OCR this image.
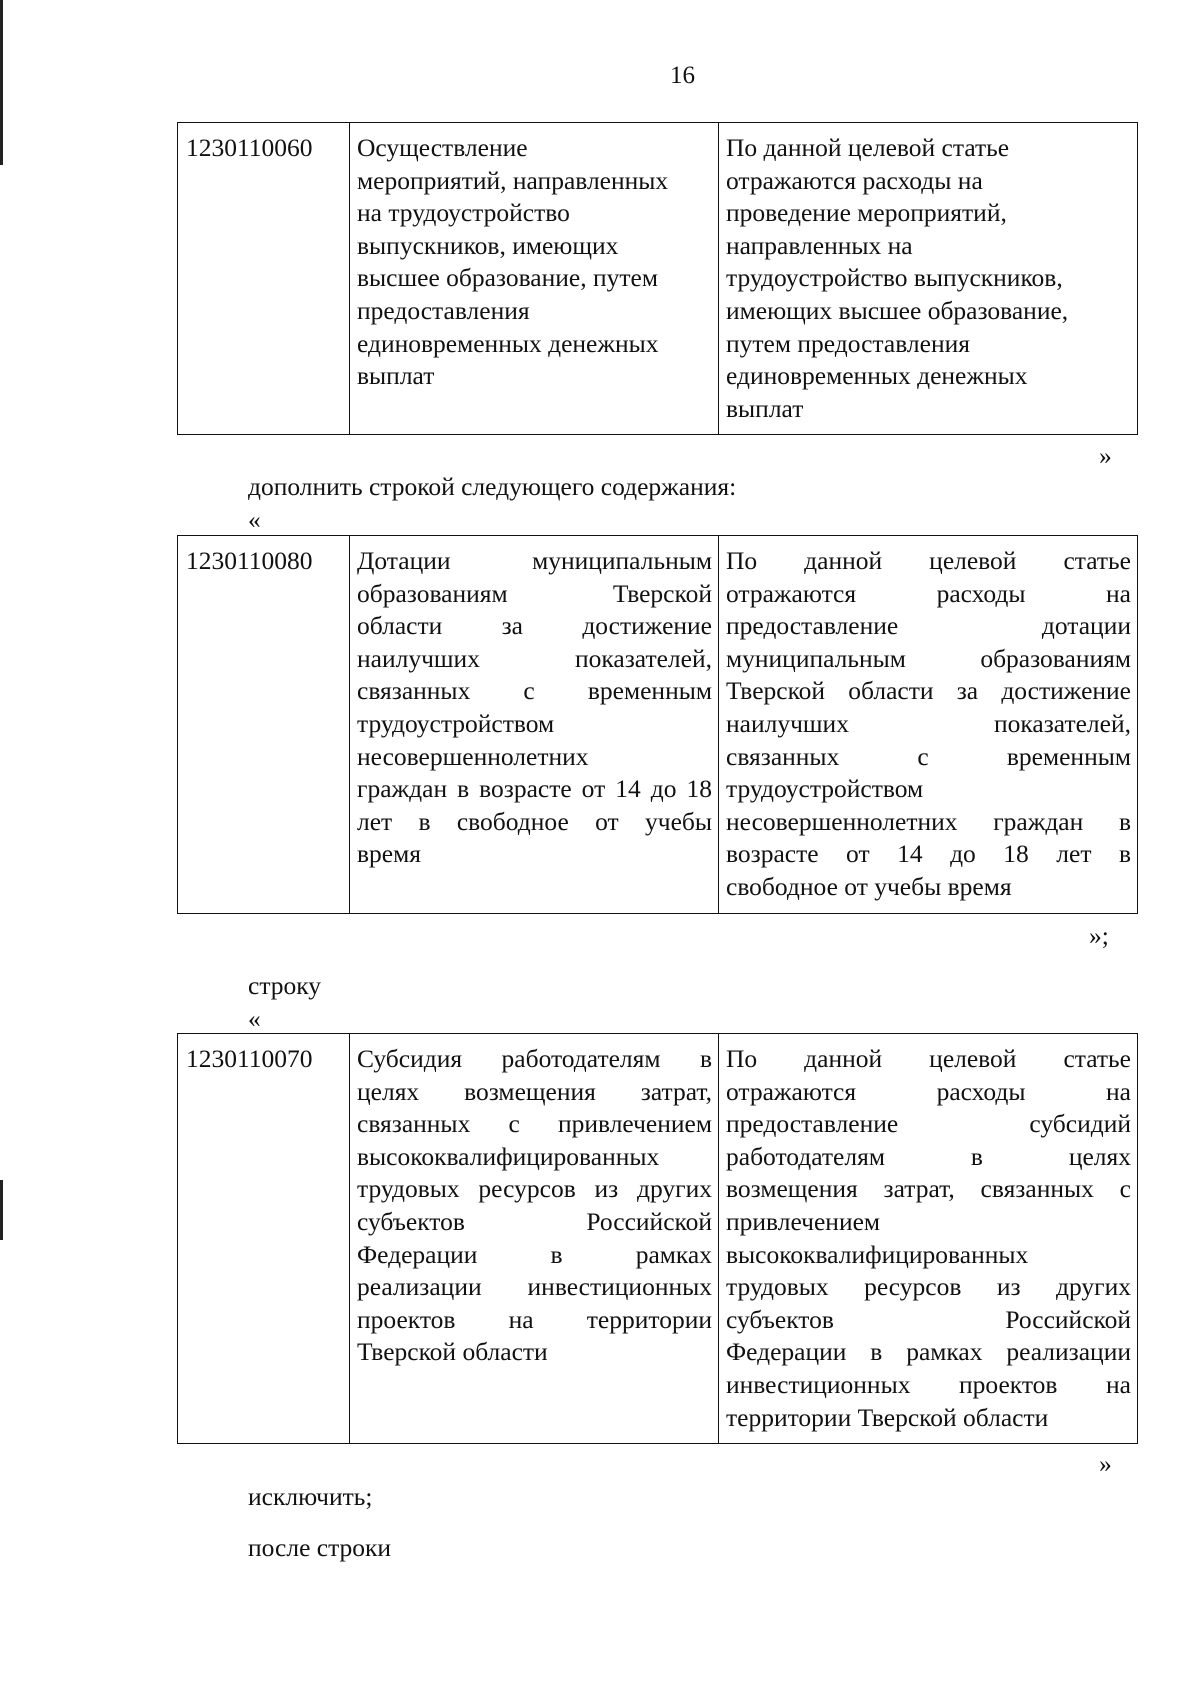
16
1230110060	Осуществление
мероприятий, направленных
на трудоустройство
выпускников, имеющих
высшее образование, путем
предоставления
единовременных денежных
выплат

По данной целевой статье
отражаются расходы на
проведение мероприятий,
направленных на
трудоустройство выпускников,
имеющих высшее образование,
путем предоставления
единовременных денежных
выплат
»
дополнить строкой следующего содержания:
«
1230110080	Дотации муниципальным
образованиям Тверской
области за достижение
наилучших показателей,
связанных с временным
трудоустройством
несовершеннолетних
граждан в возрасте от 14 до 18
лет в свободное от учебы
время

По данной целевой статье
отражаются расходы на
предоставление дотации
муниципальным образованиям
Тверской области за достижение
наилучших показателей,
связанных с временным
трудоустройством
несовершеннолетних граждан в
возрасте от 14 до 18 лет в
свободное от учебы время
»;
строку
«
1230110070	Субсидия работодателям в
целях возмещения затрат,
связанных с привлечением
высококвалифицированных
трудовых ресурсов из других
субъектов Российской
Федерации в рамках
реализации инвестиционных
проектов на территории
Тверской области

По данной целевой статье
отражаются расходы на
предоставление субсидий
работодателям в целях
возмещения затрат, связанных с
привлечением
высококвалифицированных
трудовых ресурсов из других
субъектов Российской
Федерации в рамках реализации
инвестиционных проектов на
территории Тверской области
»
исключить;
после строки
